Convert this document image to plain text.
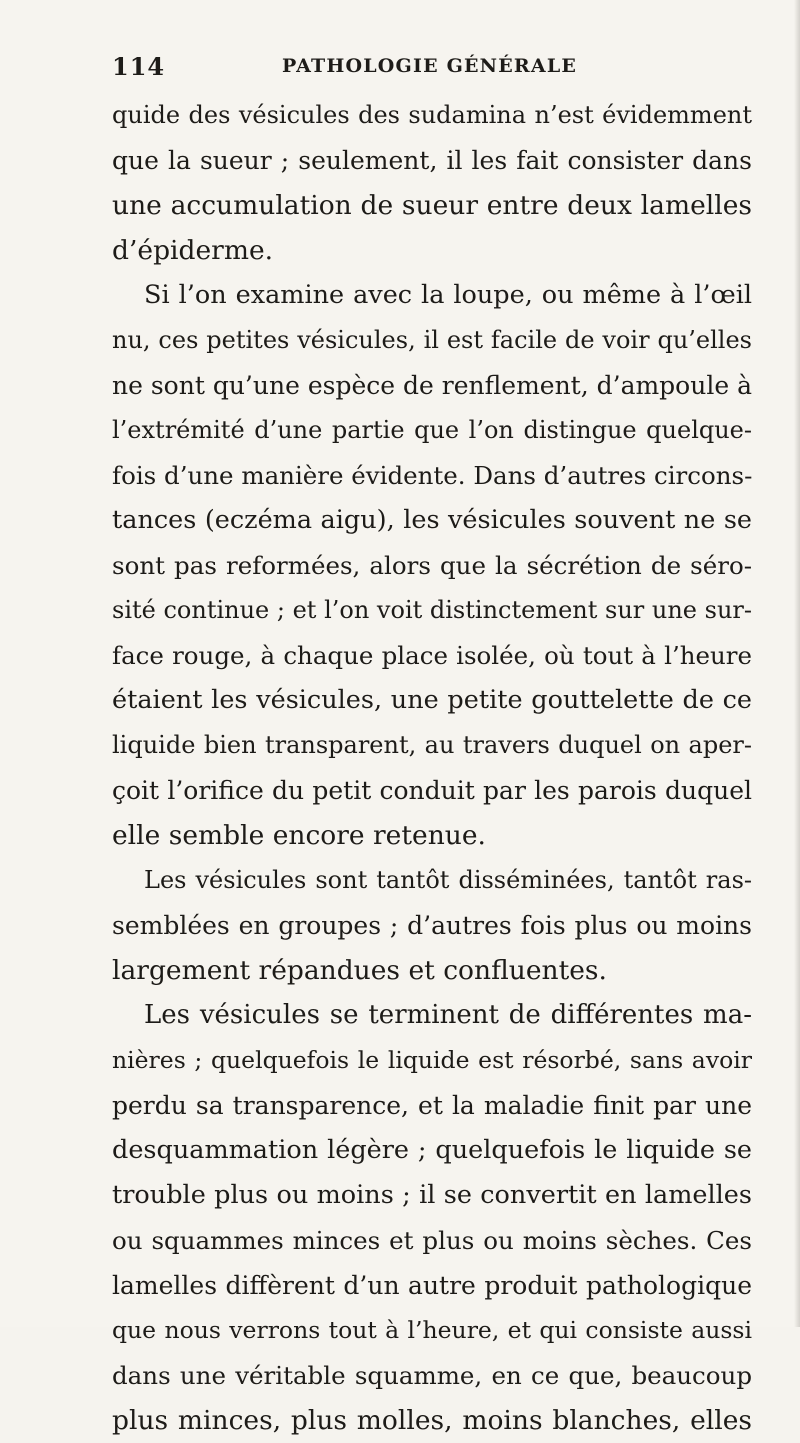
114	PATHOLOGIE GÉNÉRALE
quide des vésicules des sudamina n’est évidemment
que la sueur ; seulement, il les fait consister dans
une accumulation de sueur entre deux lamelles
d’épiderme.
Si l’on examine avec la loupe, ou même à l’œil
nu, ces petites vésicules, il est facile de voir qu’elles
ne sont qu’une espèce de renflement, d’ampoule à
l’extrémité d’une partie que l’on distingue quelque-
fois d’une manière évidente. Dans d’autres circons-
tances (eczéma aigu), les vésicules souvent ne se
sont pas reformées, alors que la sécrétion de séro-
sité continue ; et l’on voit distinctement sur une sur-
face rouge, à chaque place isolée, où tout à l’heure
étaient les vésicules, une petite gouttelette de ce
liquide bien transparent, au travers duquel on aper-
çoit l’orifice du petit conduit par les parois duquel
elle semble encore retenue.
Les vésicules sont tantôt disséminées, tantôt ras-
semblées en groupes ; d’autres fois plus ou moins
largement répandues et confluentes.
Les vésicules se terminent de différentes ma-
nières ; quelquefois le liquide est résorbé, sans avoir
perdu sa transparence, et la maladie finit par une
desquammation légère ; quelquefois le liquide se
trouble plus ou moins ; il se convertit en lamelles
ou squammes minces et plus ou moins sèches. Ces
lamelles diffèrent d’un autre produit pathologique
que nous verrons tout à l’heure, et qui consiste aussi
dans une véritable squamme, en ce que, beaucoup
plus minces, plus molles, moins blanches, elles
